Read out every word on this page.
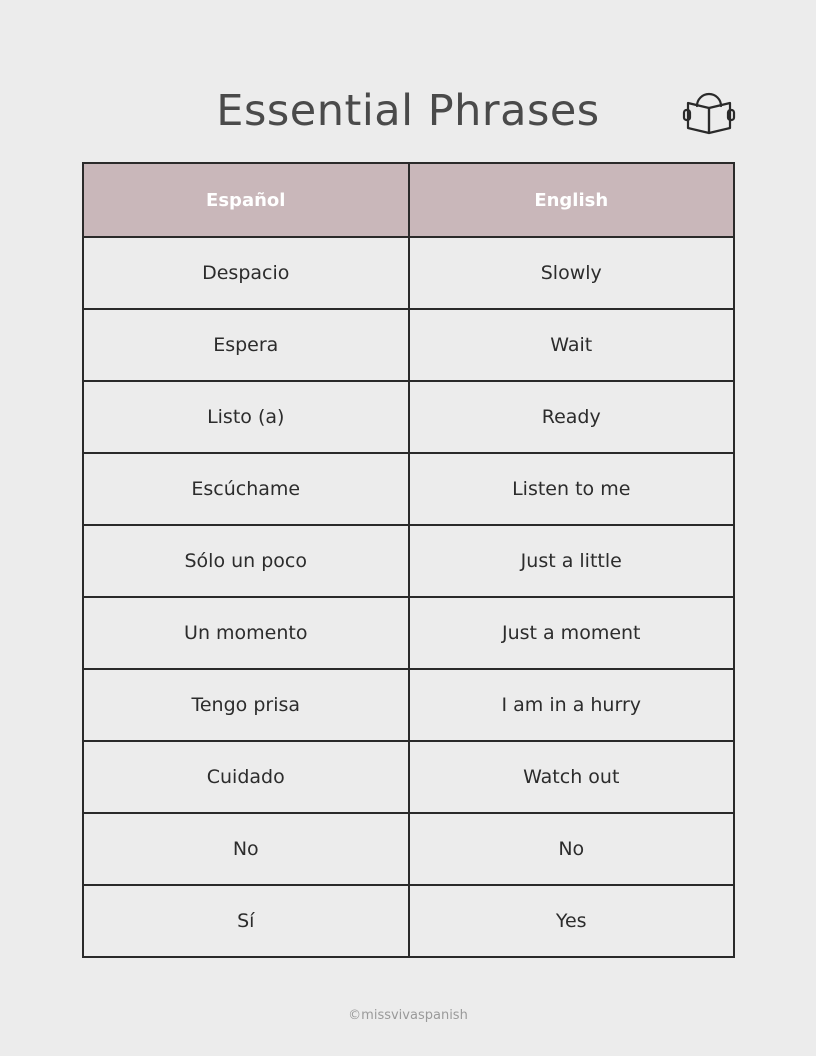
Essential Phrases
Español	English
Despacio	Slowly
Espera	Wait
Listo (a)	Ready
Escúchame	Listen to me
Sólo un poco	Just a little
Un momento	Just a moment
Tengo prisa	I am in a hurry
Cuidado	Watch out
No	No
Sí	Yes
©missvivaspanish
